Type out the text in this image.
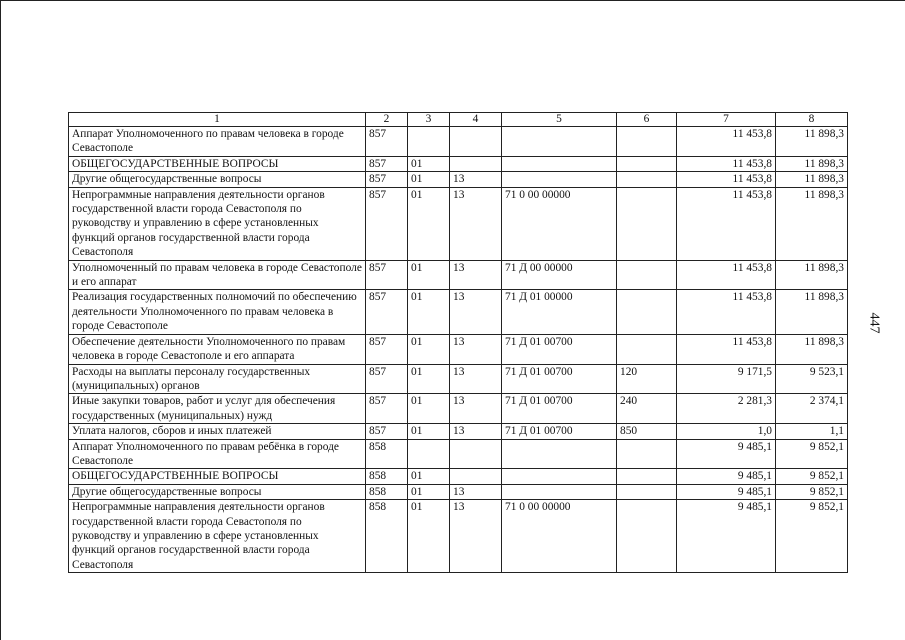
447
1	2	3	4	5	6	7	8
Аппарат Уполномоченного по правам человека в городе Севастополе	857					11 453,8	11 898,3
ОБЩЕГОСУДАРСТВЕННЫЕ ВОПРОСЫ	857	01				11 453,8	11 898,3
Другие общегосударственные вопросы	857	01	13			11 453,8	11 898,3
Непрограммные направления деятельности органов государственной власти города Севастополя по руководству и управлению в сфере установленных функций органов государственной власти города Севастополя	857	01	13	71 0 00 00000		11 453,8	11 898,3
Уполномоченный по правам человека в городе Севастополе и его аппарат	857	01	13	71 Д 00 00000		11 453,8	11 898,3
Реализация государственных полномочий по обеспечению деятельности Уполномоченного по правам человека в городе Севастополе	857	01	13	71 Д 01 00000		11 453,8	11 898,3
Обеспечение деятельности Уполномоченного по правам человека в городе Севастополе и его аппарата	857	01	13	71 Д 01 00700		11 453,8	11 898,3
Расходы на выплаты персоналу государственных (муниципальных) органов	857	01	13	71 Д 01 00700	120	9 171,5	9 523,1
Иные закупки товаров, работ и услуг для обеспечения государственных (муниципальных) нужд	857	01	13	71 Д 01 00700	240	2 281,3	2 374,1
Уплата налогов, сборов и иных платежей	857	01	13	71 Д 01 00700	850	1,0	1,1
Аппарат Уполномоченного по правам ребёнка в городе Севастополе	858					9 485,1	9 852,1
ОБЩЕГОСУДАРСТВЕННЫЕ ВОПРОСЫ	858	01				9 485,1	9 852,1
Другие общегосударственные вопросы	858	01	13			9 485,1	9 852,1
Непрограммные направления деятельности органов государственной власти города Севастополя по руководству и управлению в сфере установленных функций органов государственной власти города Севастополя	858	01	13	71 0 00 00000		9 485,1	9 852,1
